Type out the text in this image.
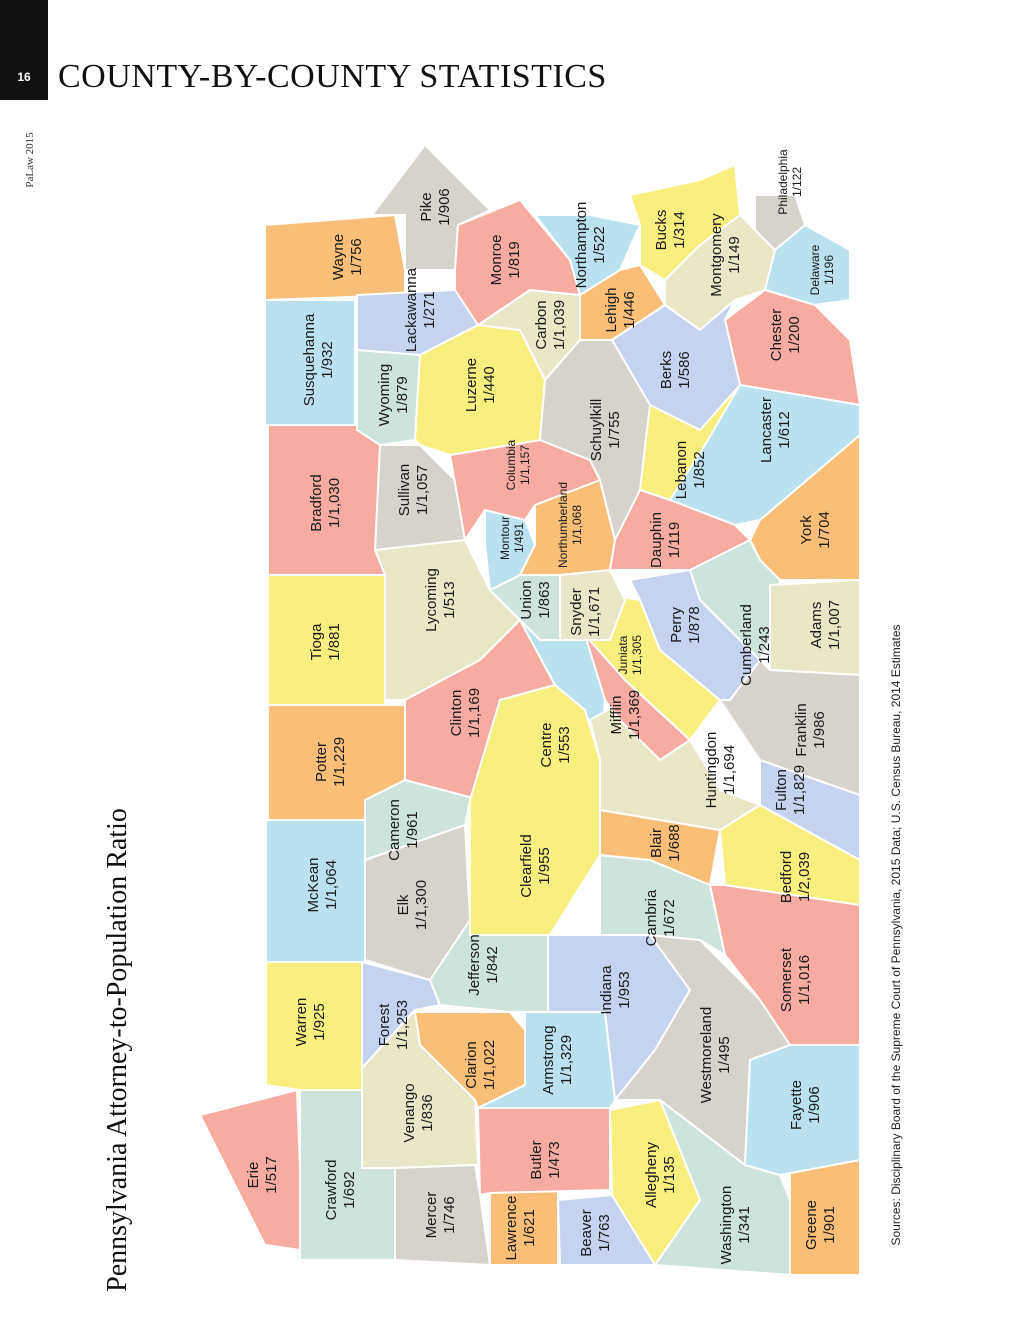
16 COUNTY-BY-COUNTY STATISTICS
PaLaw 2015
Pennsylvania Attorney-to-Population Ratio	Sources: Disciplinary Board of the Supreme Court of Pennsylvania, 2015 Data; U.S. Census Bureau, 2014 Estimates
Erie 1/517	Crawford 1/692
Warren 1/925
McKean 1/1,064
Potter 1/1,229
Tioga 1/881
Bradford 1/1,030
Susquehanna 1/932
Wayne 1/756
Pike 1/906
Lackawanna 1/271
Wyoming 1/879
Sullivan 1/1,057
Lycoming 1/513
Clinton 1/1,169
Cameron 1/961
Elk 1/1,300
Forest 1/1,253
Venango 1/836
Mercer 1/746	Lawrence 1/621
Butler 1/473
Beaver 1/763
Clarion 1/1,022
Jefferson 1/842
Clearfield 1/955
Centre 1/553
Armstrong 1/1,329
Allegheny 1/135
Indiana 1/953
Westmoreland 1/495
Washington 1/341	Greene 1/901
Fayette 1/906
Cambria 1/672
Somerset 1/1,016
Blair 1/688
Bedford 1/2,039
Huntingdon 1/1,694 Fulton 1/1,829
Mifflin 1/1,369
Juniata 1/1,305
Union 1/863 Snyder 1/1,671
Montour 1/491	Northumberland 1/1,068
Columbia 1/1,157
Luzerne 1/440
Carbon 1/1,039
Monroe 1/819	Northampton 1/522
Lehigh 1/446
Bucks 1/314 Montgomery 1/149
Philadelphia 1/122
Delaware 1/196
Chester 1/200
Berks 1/586
Schuylkill 1/755
Lebanon 1/852
Lancaster 1/612
Dauphin 1/119	York 1/704
Perry 1/878 Cumberland 1/243 Adams 1/1,007
Franklin 1/986
